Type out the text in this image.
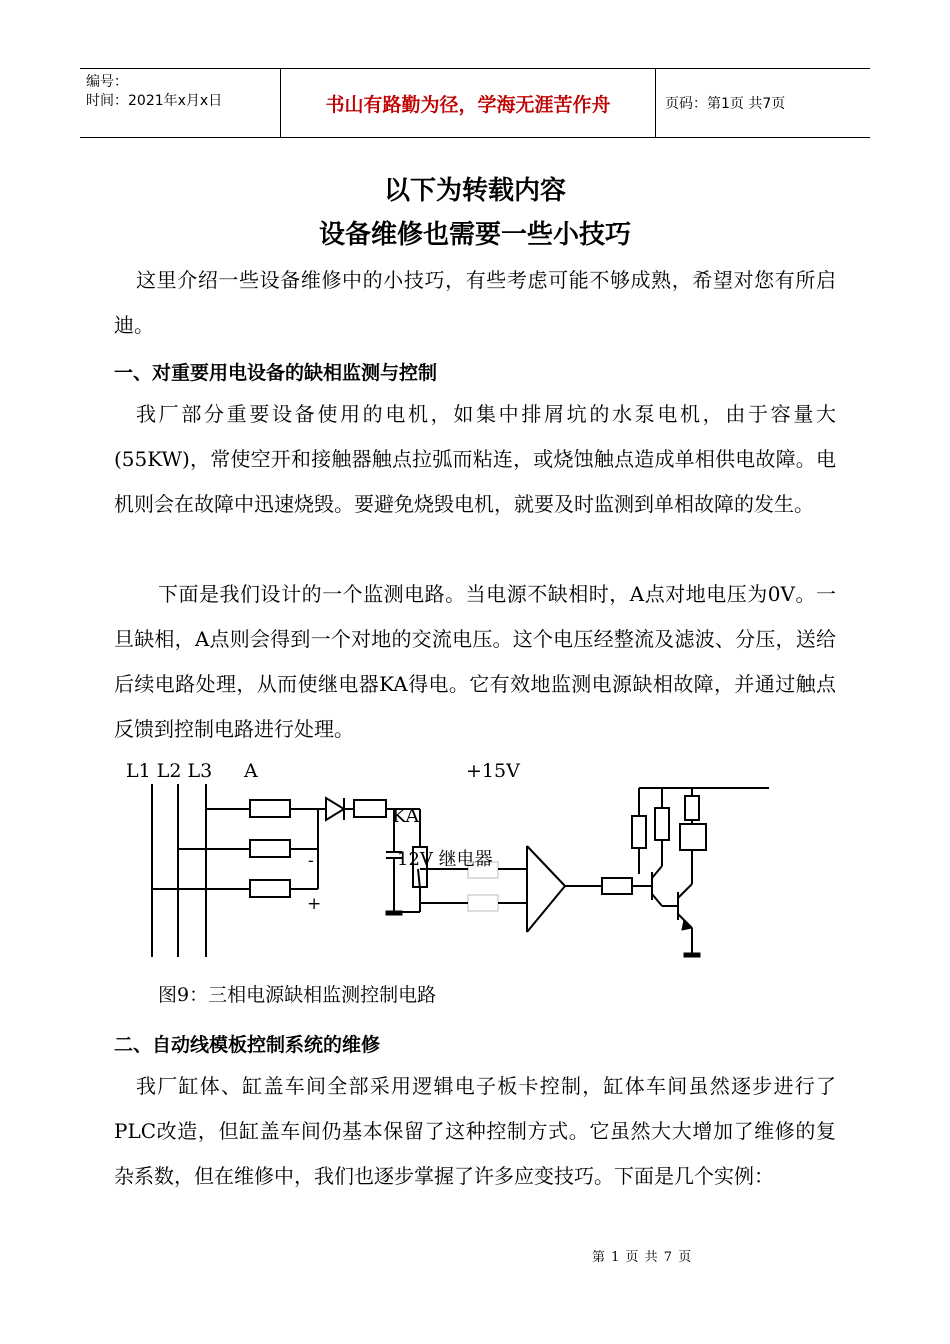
编号：
时间：2021年x月x日	书山有路勤为径，学海无涯苦作舟	页码：第1页 共7页
以下为转载内容
设备维修也需要一些小技巧

这里介绍一些设备维修中的小技巧，有些考虑可能不够成熟，希望对您有所启迪。

一、对重要用电设备的缺相监测与控制

我厂部分重要设备使用的电机，如集中排屑坑的水泵电机，由于容量大(55KW)，常使空开和接触器触点拉弧而粘连，或烧蚀触点造成单相供电故障。电机则会在故障中迅速烧毁。要避免烧毁电机，就要及时监测到单相故障的发生。

下面是我们设计的一个监测电路。当电源不缺相时，A点对地电压为0V。一旦缺相，A点则会得到一个对地的交流电压。这个电压经整流及滤波、分压，送给后续电路处理，从而使继电器KA得电。它有效地监测电源缺相故障，并通过触点反馈到控制电路进行处理。

L1 L2 L3 A	+15V
KA
12V 继电器
-
+
图9：三相电源缺相监测控制电路
二、自动线模板控制系统的维修

我厂缸体、缸盖车间全部采用逻辑电子板卡控制，缸体车间虽然逐步进行了PLC改造，但缸盖车间仍基本保留了这种控制方式。它虽然大大增加了维修的复杂系数，但在维修中，我们也逐步掌握了许多应变技巧。下面是几个实例：

第 1 页 共 7 页
